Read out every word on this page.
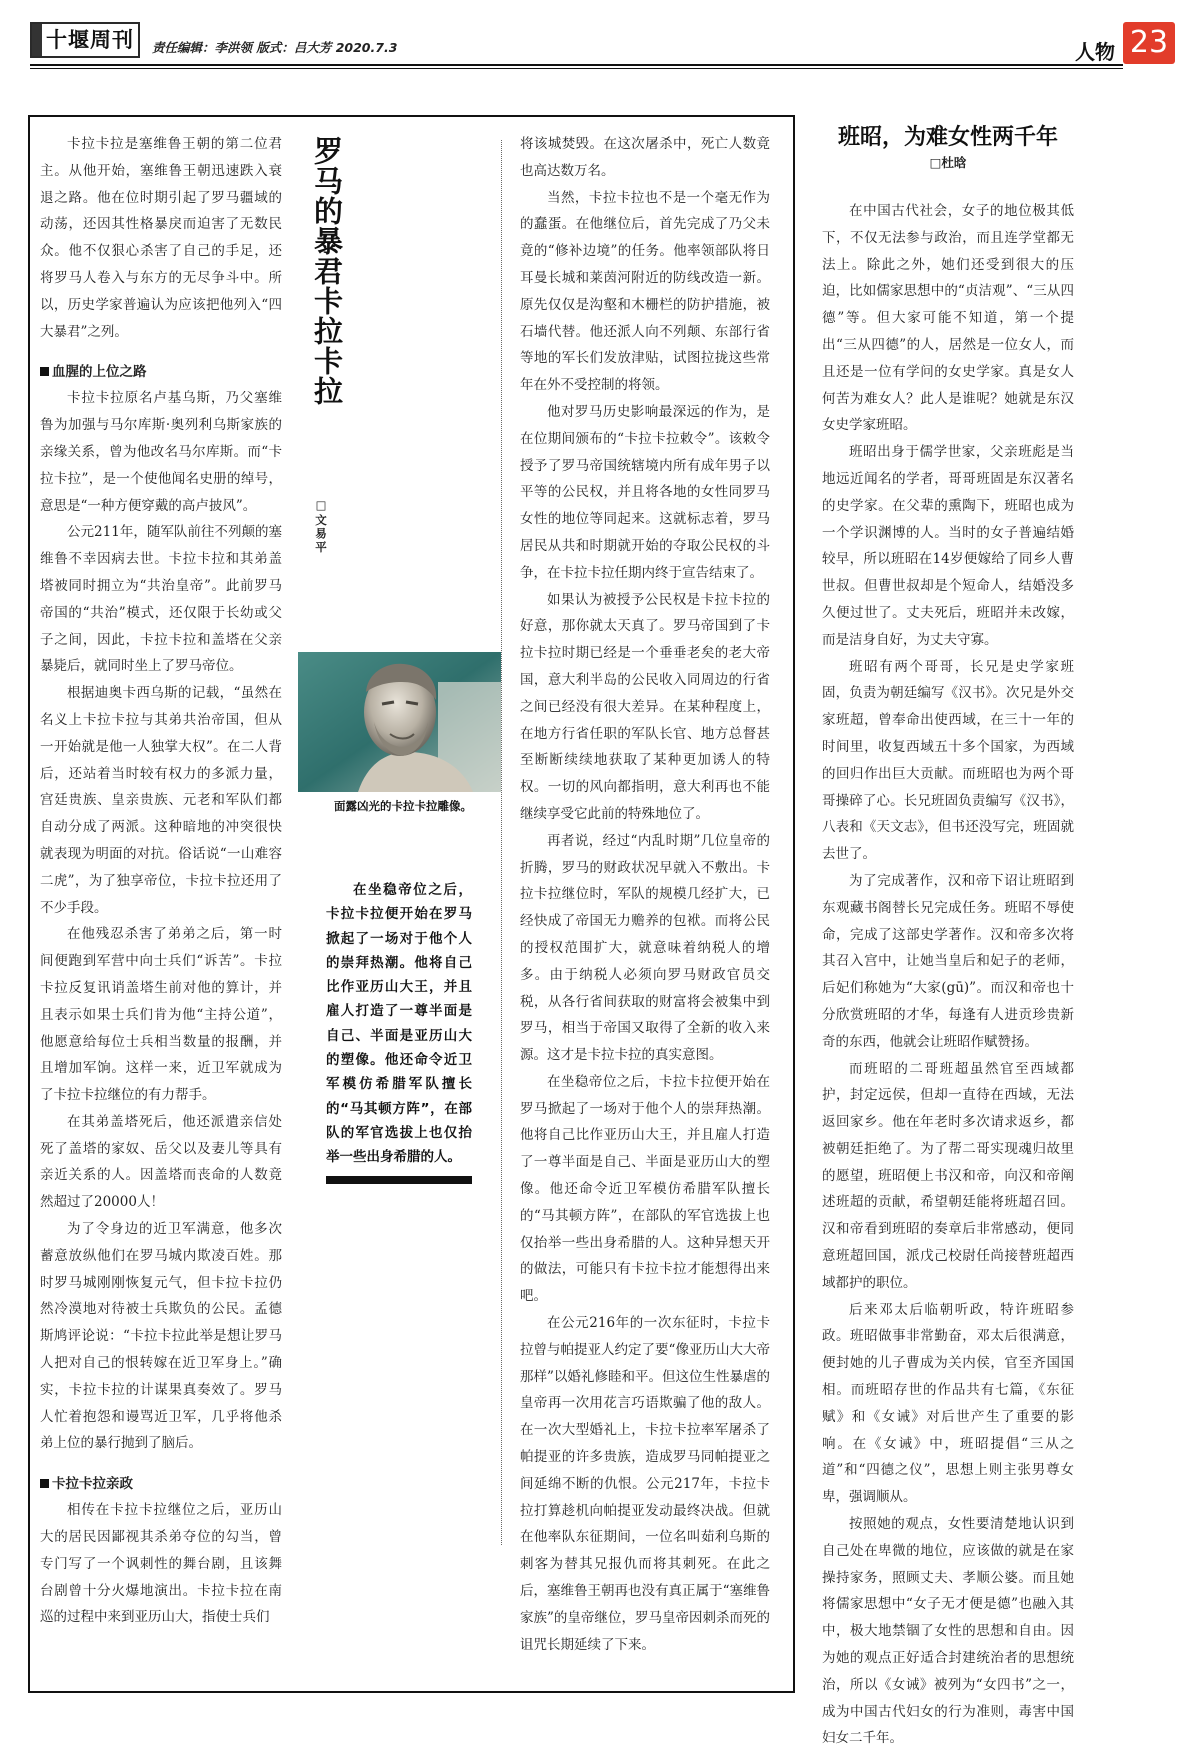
十堰周刊	责任编辑：李洪领 版式：吕大芳 2020.7.3	人物 23

卡拉卡拉是塞维鲁王朝的第二位君主。从他开始，塞维鲁王朝迅速跌入衰退之路。他在位时期引起了罗马疆域的动荡，还因其性格暴戾而迫害了无数民众。他不仅狠心杀害了自己的手足，还将罗马人卷入与东方的无尽争斗中。所以，历史学家普遍认为应该把他列入“四大暴君”之列。

血腥的上位之路

卡拉卡拉原名卢基乌斯，乃父塞维鲁为加强与马尔库斯·奥列利乌斯家族的亲缘关系，曾为他改名马尔库斯。而“卡拉卡拉”，是一个使他闻名史册的绰号，意思是“一种方便穿戴的高卢披风”。

公元211年，随军队前往不列颠的塞维鲁不幸因病去世。卡拉卡拉和其弟盖塔被同时拥立为“共治皇帝”。此前罗马帝国的“共治”模式，还仅限于长幼或父子之间，因此，卡拉卡拉和盖塔在父亲暴毙后，就同时坐上了罗马帝位。

根据迪奥卡西乌斯的记载，“虽然在名义上卡拉卡拉与其弟共治帝国，但从一开始就是他一人独掌大权”。在二人背后，还站着当时较有权力的多派力量，宫廷贵族、皇亲贵族、元老和军队们都自动分成了两派。这种暗地的冲突很快就表现为明面的对抗。俗话说“一山难容二虎”，为了独享帝位，卡拉卡拉还用了不少手段。

在他残忍杀害了弟弟之后，第一时间便跑到军营中向士兵们“诉苦”。卡拉卡拉反复讯诮盖塔生前对他的算计，并且表示如果士兵们肯为他“主持公道”，他愿意给每位士兵相当数量的报酬，并且增加军饷。这样一来，近卫军就成为了卡拉卡拉继位的有力帮手。

在其弟盖塔死后，他还派遣亲信处死了盖塔的家奴、岳父以及妻儿等具有亲近关系的人。因盖塔而丧命的人数竟然超过了20000人！

为了令身边的近卫军满意，他多次蓄意放纵他们在罗马城内欺凌百姓。那时罗马城刚刚恢复元气，但卡拉卡拉仍然冷漠地对待被士兵欺负的公民。孟德斯鸠评论说：“卡拉卡拉此举是想让罗马人把对自己的恨转嫁在近卫军身上。”确实，卡拉卡拉的计谋果真奏效了。罗马人忙着抱怨和谩骂近卫军，几乎将他杀弟上位的暴行抛到了脑后。

卡拉卡拉亲政

相传在卡拉卡拉继位之后，亚历山大的居民因鄙视其杀弟夺位的勾当，曾专门写了一个讽刺性的舞台剧，且该舞台剧曾十分火爆地演出。卡拉卡拉在南巡的过程中来到亚历山大，指使士兵们

罗马的暴君卡拉卡拉
□文易平
面露凶光的卡拉卡拉雕像。
在坐稳帝位之后，卡拉卡拉便开始在罗马掀起了一场对于他个人的崇拜热潮。他将自己比作亚历山大王，并且雇人打造了一尊半面是自己、半面是亚历山大的塑像。他还命令近卫军模仿希腊军队擅长的“马其顿方阵”，在部队的军官选拔上也仅抬举一些出身希腊的人。

将该城焚毁。在这次屠杀中，死亡人数竟也高达数万名。

当然，卡拉卡拉也不是一个毫无作为的蠢蛋。在他继位后，首先完成了乃父未竟的“修补边境”的任务。他率领部队将日耳曼长城和莱茵河附近的防线改造一新。原先仅仅是沟壑和木栅栏的防护措施，被石墙代替。他还派人向不列颠、东部行省等地的军长们发放津贴，试图拉拢这些常年在外不受控制的将领。

他对罗马历史影响最深远的作为，是在位期间颁布的“卡拉卡拉敕令”。该敕令授予了罗马帝国统辖境内所有成年男子以平等的公民权，并且将各地的女性同罗马女性的地位等同起来。这就标志着，罗马居民从共和时期就开始的夺取公民权的斗争，在卡拉卡拉任期内终于宣告结束了。

如果认为被授予公民权是卡拉卡拉的好意，那你就太天真了。罗马帝国到了卡拉卡拉时期已经是一个垂垂老矣的老大帝国，意大利半岛的公民收入同周边的行省之间已经没有很大差异。在某种程度上，在地方行省任职的军队长官、地方总督甚至断断续续地获取了某种更加诱人的特权。一切的风向都指明，意大利再也不能继续享受它此前的特殊地位了。

再者说，经过“内乱时期”几位皇帝的折腾，罗马的财政状况早就入不敷出。卡拉卡拉继位时，军队的规模几经扩大，已经快成了帝国无力赡养的包袱。而将公民的授权范围扩大，就意味着纳税人的增多。由于纳税人必须向罗马财政官员交税，从各行省间获取的财富将会被集中到罗马，相当于帝国又取得了全新的收入来源。这才是卡拉卡拉的真实意图。

在坐稳帝位之后，卡拉卡拉便开始在罗马掀起了一场对于他个人的崇拜热潮。他将自己比作亚历山大王，并且雇人打造了一尊半面是自己、半面是亚历山大的塑像。他还命令近卫军模仿希腊军队擅长的“马其顿方阵”，在部队的军官选拔上也仅抬举一些出身希腊的人。这种异想天开的做法，可能只有卡拉卡拉才能想得出来吧。

在公元216年的一次东征时，卡拉卡拉曾与帕提亚人约定了要“像亚历山大大帝那样”以婚礼修睦和平。但这位生性暴虐的皇帝再一次用花言巧语欺骗了他的敌人。在一次大型婚礼上，卡拉卡拉率军屠杀了帕提亚的许多贵族，造成罗马同帕提亚之间延绵不断的仇恨。公元217年，卡拉卡拉打算趁机向帕提亚发动最终决战。但就在他率队东征期间，一位名叫茹利乌斯的刺客为替其兄报仇而将其刺死。在此之后，塞维鲁王朝再也没有真正属于“塞维鲁家族”的皇帝继位，罗马皇帝因刺杀而死的诅咒长期延续了下来。

班昭，为难女性两千年
□杜晗

在中国古代社会，女子的地位极其低下，不仅无法参与政治，而且连学堂都无法上。除此之外，她们还受到很大的压迫，比如儒家思想中的“贞洁观”、“三从四德”等。但大家可能不知道，第一个提出“三从四德”的人，居然是一位女人，而且还是一位有学问的女史学家。真是女人何苦为难女人？此人是谁呢？她就是东汉女史学家班昭。

班昭出身于儒学世家，父亲班彪是当地远近闻名的学者，哥哥班固是东汉著名的史学家。在父辈的熏陶下，班昭也成为一个学识渊博的人。当时的女子普遍结婚较早，所以班昭在14岁便嫁给了同乡人曹世叔。但曹世叔却是个短命人，结婚没多久便过世了。丈夫死后，班昭并未改嫁，而是洁身自好，为丈夫守寡。

班昭有两个哥哥，长兄是史学家班固，负责为朝廷编写《汉书》。次兄是外交家班超，曾奉命出使西域，在三十一年的时间里，收复西域五十多个国家，为西域的回归作出巨大贡献。而班昭也为两个哥哥操碎了心。长兄班固负责编写《汉书》，八表和《天文志》，但书还没写完，班固就去世了。

为了完成著作，汉和帝下诏让班昭到东观藏书阁替长兄完成任务。班昭不辱使命，完成了这部史学著作。汉和帝多次将其召入宫中，让她当皇后和妃子的老师，后妃们称她为“大家(gū)”。而汉和帝也十分欣赏班昭的才华，每逢有人进贡珍贵新奇的东西，他就会让班昭作赋赞扬。

而班昭的二哥班超虽然官至西域都护，封定远侯，但却一直待在西域，无法返回家乡。他在年老时多次请求返乡，都被朝廷拒绝了。为了帮二哥实现魂归故里的愿望，班昭便上书汉和帝，向汉和帝阐述班超的贡献，希望朝廷能将班超召回。汉和帝看到班昭的奏章后非常感动，便同意班超回国，派戊己校尉任尚接替班超西域都护的职位。

后来邓太后临朝听政，特许班昭参政。班昭做事非常勤奋，邓太后很满意，便封她的儿子曹成为关内侯，官至齐国国相。而班昭存世的作品共有七篇，《东征赋》和《女诫》对后世产生了重要的影响。在《女诫》中，班昭提倡“三从之道”和“四德之仪”，思想上则主张男尊女卑，强调顺从。

按照她的观点，女性要清楚地认识到自己处在卑微的地位，应该做的就是在家操持家务，照顾丈夫、孝顺公婆。而且她将儒家思想中“女子无才便是德”也融入其中，极大地禁锢了女性的思想和自由。因为她的观点正好适合封建统治者的思想统治，所以《女诫》被列为“女四书”之一，成为中国古代妇女的行为准则，毒害中国妇女二千年。
